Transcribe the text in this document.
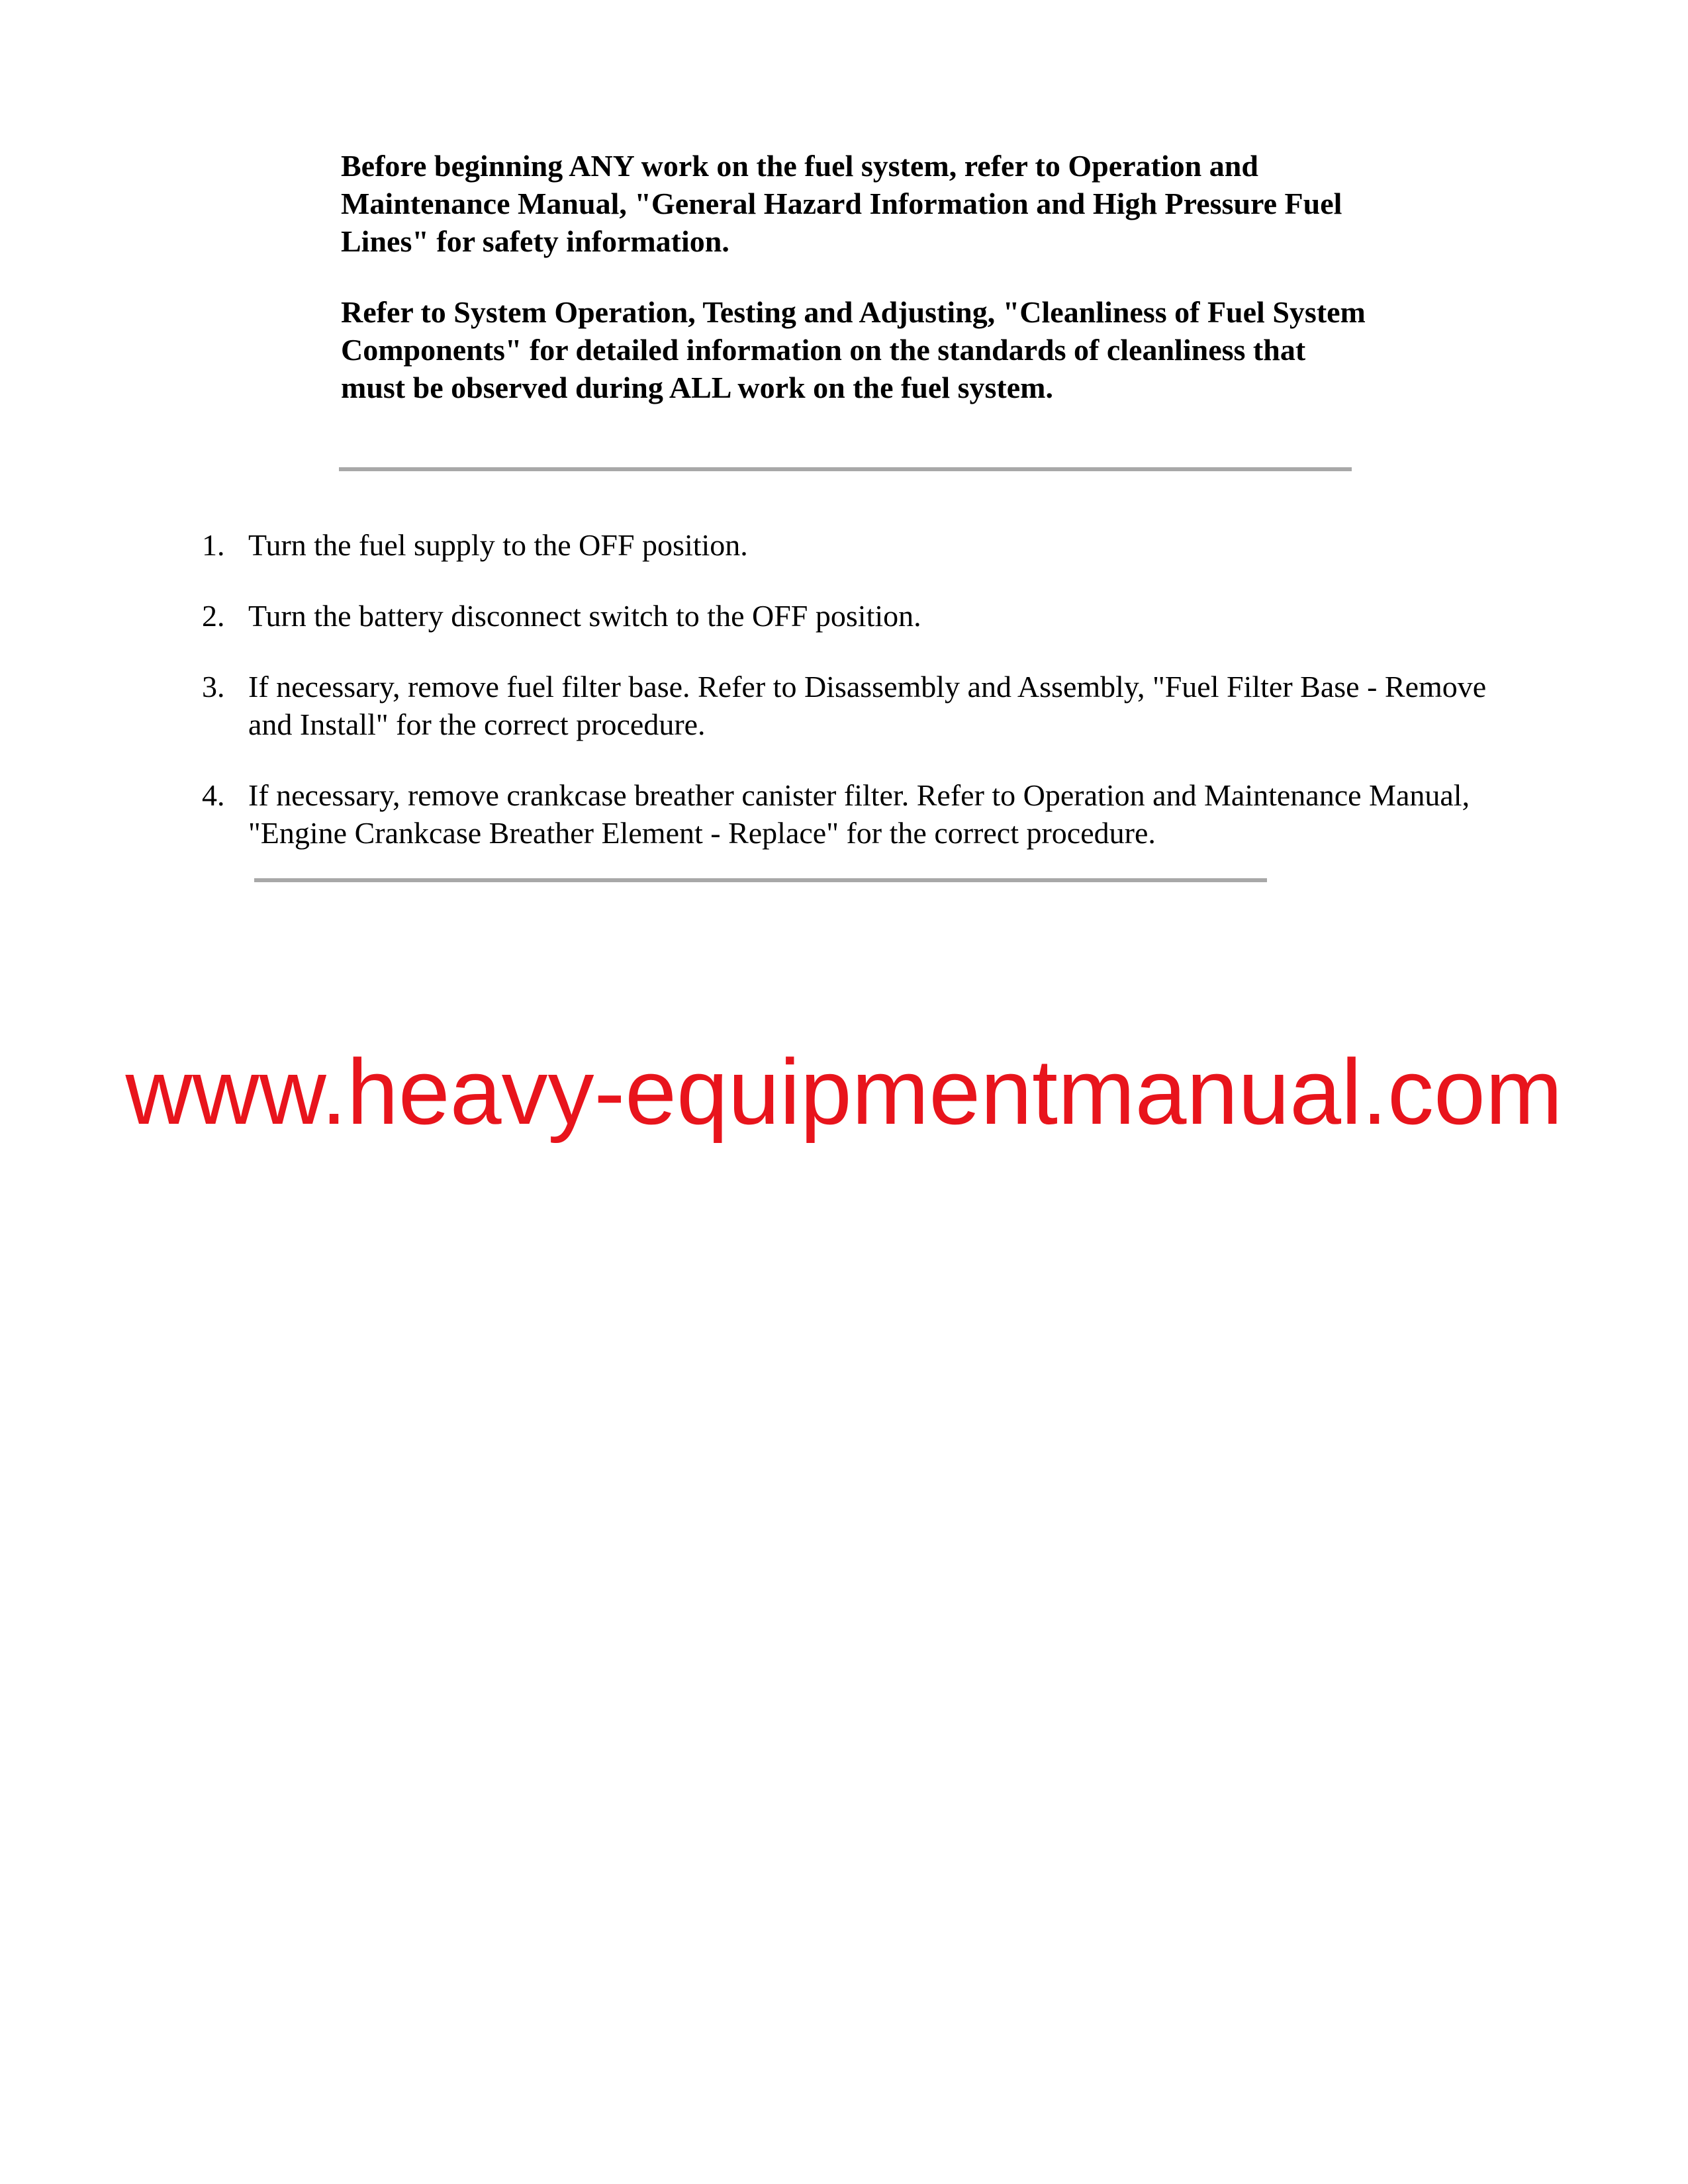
Before beginning ANY work on the fuel system, refer to Operation and Maintenance Manual, "General Hazard Information and High Pressure Fuel Lines" for safety information.

Refer to System Operation, Testing and Adjusting, "Cleanliness of Fuel System Components" for detailed information on the standards of cleanliness that must be observed during ALL work on the fuel system.

1. Turn the fuel supply to the OFF position.
2. Turn the battery disconnect switch to the OFF position.
3. If necessary, remove fuel filter base. Refer to Disassembly and Assembly, "Fuel Filter Base - Remove and Install" for the correct procedure.
4. If necessary, remove crankcase breather canister filter. Refer to Operation and Maintenance Manual, "Engine Crankcase Breather Element - Replace" for the correct procedure.
www.heavy-equipmentmanual.com
